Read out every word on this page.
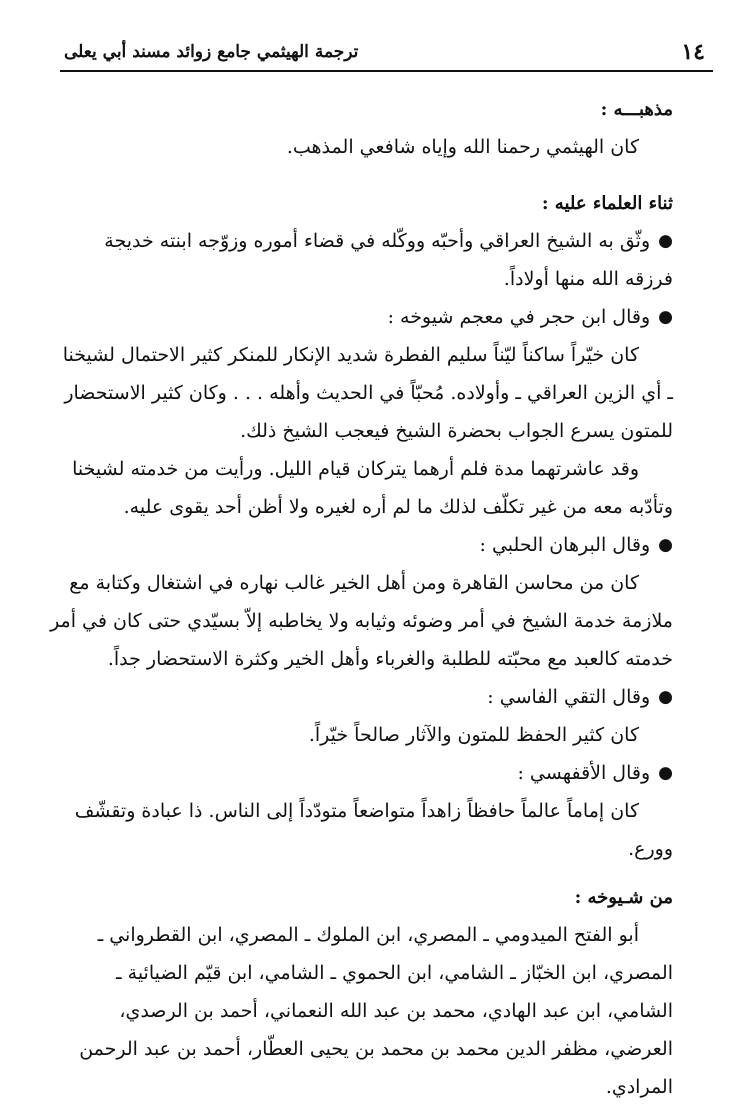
١٤
ترجمة الهيثمي جامع زوائد مسند أبي يعلى
مذهبـــه :
كان الهيثمي رحمنا الله وإياه شافعي المذهب.
ثناء العلماء عليه :
●
وثّق به الشيخ العراقي وأحبّه ووكّله في قضاء أموره وزوّجه ابنته خديجة
فرزقه الله منها أولاداً.
●
وقال ابن حجر في معجم شيوخه :
كان خيّراً ساكناً ليّناً سليم الفطرة شديد الإنكار للمنكر كثير الاحتمال لشيخنا
ـ أي الزين العراقي ـ وأولاده. مُحبّاً في الحديث وأهله . . . وكان كثير الاستحضار
للمتون يسرع الجواب بحضرة الشيخ فيعجب الشيخ ذلك.
وقد عاشرتهما مدة فلم أرهما يتركان قيام الليل. ورأيت من خدمته لشيخنا
وتأدّبه معه من غير تكلّف لذلك ما لم أره لغيره ولا أظن أحد يقوى عليه.
●
وقال البرهان الحلبي :
كان من محاسن القاهرة ومن أهل الخير غالب نهاره في اشتغال وكتابة مع
ملازمة خدمة الشيخ في أمر وضوئه وثيابه ولا يخاطبه إلاّ بسيّدي حتى كان في أمر
خدمته كالعبد مع محبّته للطلبة والغرباء وأهل الخير وكثرة الاستحضار جداً.
●
وقال التقي الفاسي :
كان كثير الحفظ للمتون والآثار صالحاً خيّراً.
●
وقال الأقفهسي :
كان إماماً عالماً حافظاً زاهداً متواضعاً متودّداً إلى الناس. ذا عبادة وتقشّف
وورع.
من شـيوخه :
أبو الفتح الميدومي ـ المصري، ابن الملوك ـ المصري، ابن القطرواني ـ
المصري، ابن الخبّاز ـ الشامي، ابن الحموي ـ الشامي، ابن قيّم الضيائية ـ
الشامي، ابن عبد الهادي، محمد بن عبد الله النعماني، أحمد بن الرصدي،
العرضي، مظفر الدين محمد بن محمد بن يحيى العطّار، أحمد بن عبد الرحمن
المرادي.
